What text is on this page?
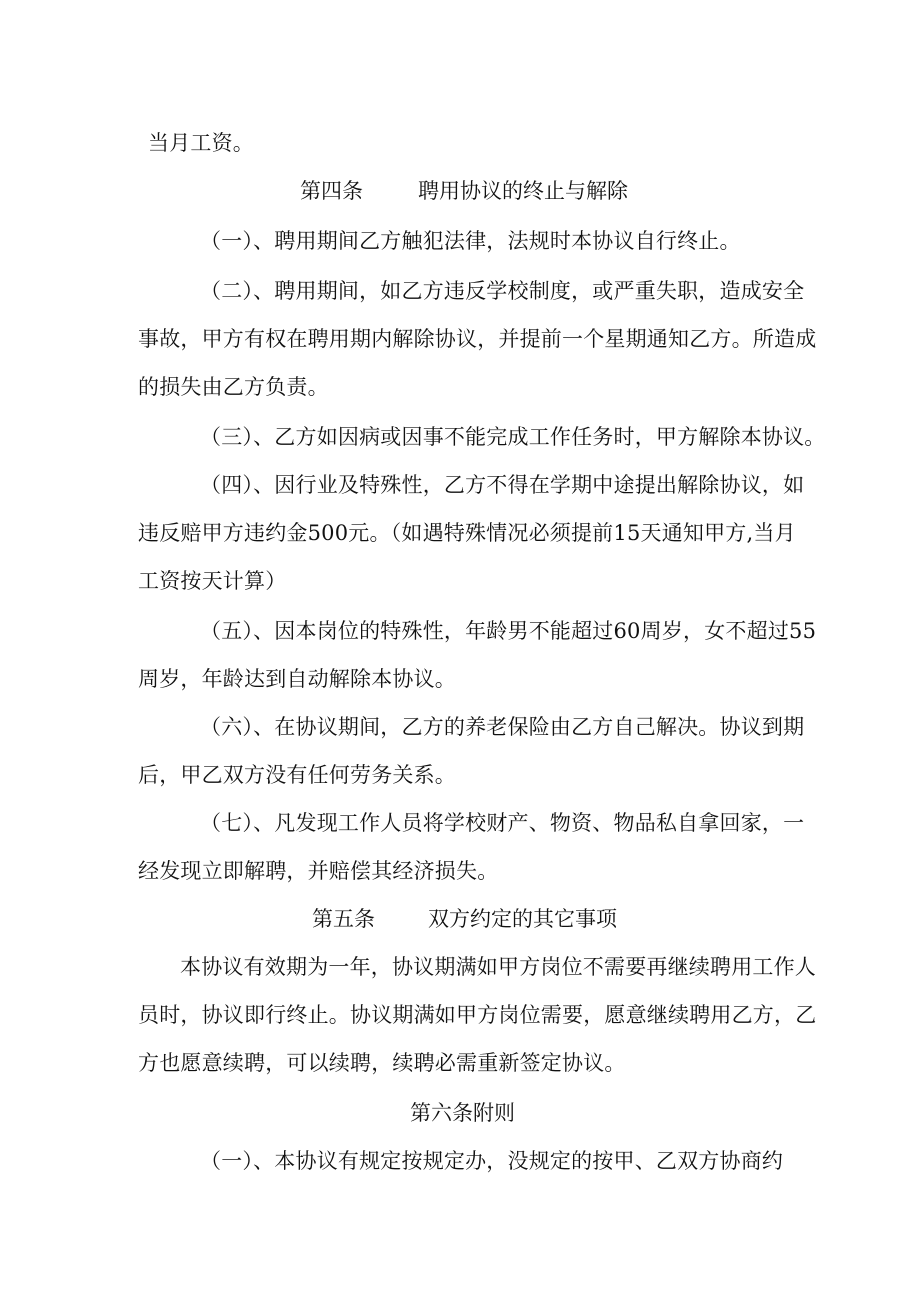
当月工资。
第四条	聘用协议的终止与解除
（一）、聘用期间乙方触犯法律，法规时本协议自行终止。
（二）、聘用期间，如乙方违反学校制度，或严重失职，造成安全
事故，甲方有权在聘用期内解除协议，并提前一个星期通知乙方。所造成
的损失由乙方负责。
（三）、乙方如因病或因事不能完成工作任务时，甲方解除本协议。
（四）、因行业及特殊性，乙方不得在学期中途提出解除协议，如
违反赔甲方违约金500元。（如遇特殊情况必须提前15天通知甲方,当月
工资按天计算）
（五）、因本岗位的特殊性，年龄男不能超过60周岁，女不超过55
周岁，年龄达到自动解除本协议。
（六）、在协议期间，乙方的养老保险由乙方自己解决。协议到期
后，甲乙双方没有任何劳务关系。
（七）、凡发现工作人员将学校财产、物资、物品私自拿回家，一
经发现立即解聘，并赔偿其经济损失。
第五条	双方约定的其它事项
本协议有效期为一年，协议期满如甲方岗位不需要再继续聘用工作人
员时，协议即行终止。协议期满如甲方岗位需要，愿意继续聘用乙方，乙
方也愿意续聘，可以续聘，续聘必需重新签定协议。
第六条附则
（一）、本协议有规定按规定办，没规定的按甲、乙双方协商约
